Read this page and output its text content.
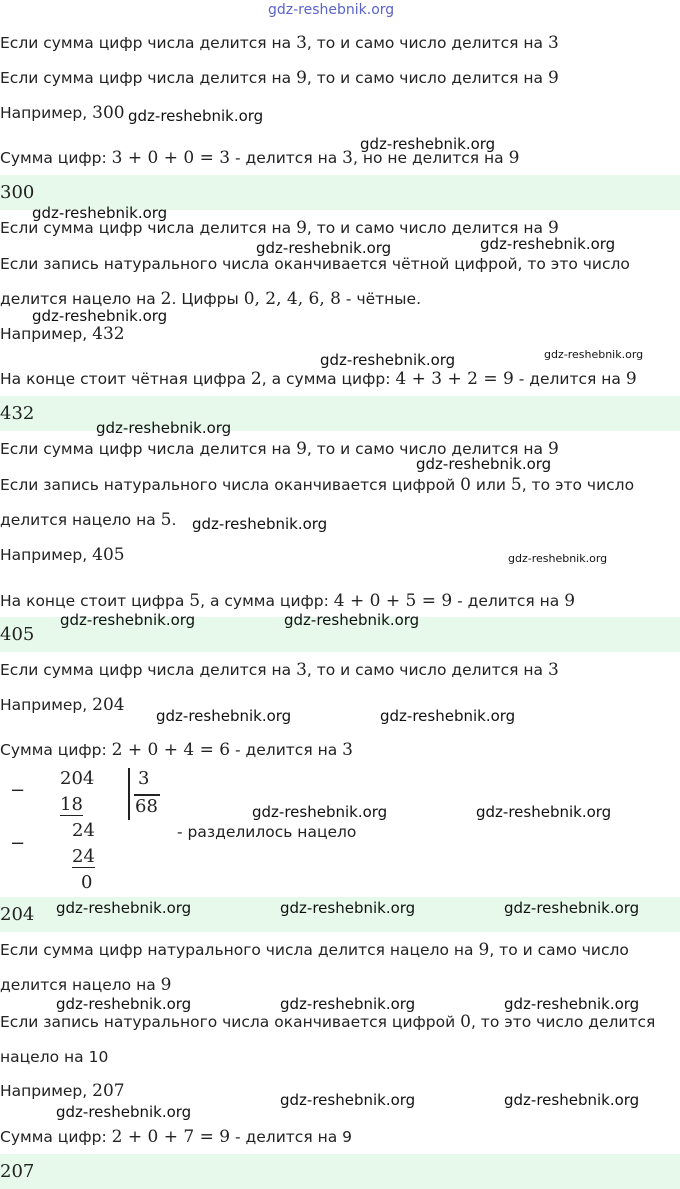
gdz-reshebnik.org
Если сумма цифр числа делится на 3, то и само число делится на 3
Если сумма цифр числа делится на 9, то и само число делится на 9
Например, 300
Сумма цифр: 3 + 0 + 0 = 3 - делится на 3, но не делится на 9
300
Если сумма цифр числа делится на 9, то и само число делится на 9
Если запись натурального числа оканчивается чётной цифрой, то это число
делится нацело на 2. Цифры 0, 2, 4, 6, 8 - чётные.
Например, 432
На конце стоит чётная цифра 2, а сумма цифр: 4 + 3 + 2 = 9 - делится на 9
432
Если сумма цифр числа делится на 9, то и само число делится на 9
Если запись натурального числа оканчивается цифрой 0 или 5, то это число
делится нацело на 5.
Например, 405
На конце стоит цифра 5, а сумма цифр: 4 + 0 + 5 = 9 - делится на 9
405
Если сумма цифр числа делится на 3, то и само число делится на 3
Например, 204
Сумма цифр: 2 + 0 + 4 = 6 - делится на 3
−
204
18
24
−
24
0
3
68
- разделилось нацело
204
Если сумма цифр натурального числа делится нацело на 9, то и само число
делится нацело на 9
Если запись натурального числа оканчивается цифрой 0, то это число делится
нацело на 10
Например, 207
Сумма цифр: 2 + 0 + 7 = 9 - делится на 9
207
gdz-reshebnik.org
gdz-reshebnik.org
gdz-reshebnik.org
gdz-reshebnik.org	gdz-reshebnik.org
gdz-reshebnik.org
gdz-reshebnik.org	gdz-reshebnik.org
gdz-reshebnik.org
gdz-reshebnik.org
gdz-reshebnik.org
gdz-reshebnik.org
gdz-reshebnik.org	gdz-reshebnik.org
gdz-reshebnik.org	gdz-reshebnik.org
gdz-reshebnik.org	gdz-reshebnik.org
gdz-reshebnik.org	gdz-reshebnik.org	gdz-reshebnik.org
gdz-reshebnik.org	gdz-reshebnik.org	gdz-reshebnik.org
gdz-reshebnik.org
gdz-reshebnik.org	gdz-reshebnik.org
